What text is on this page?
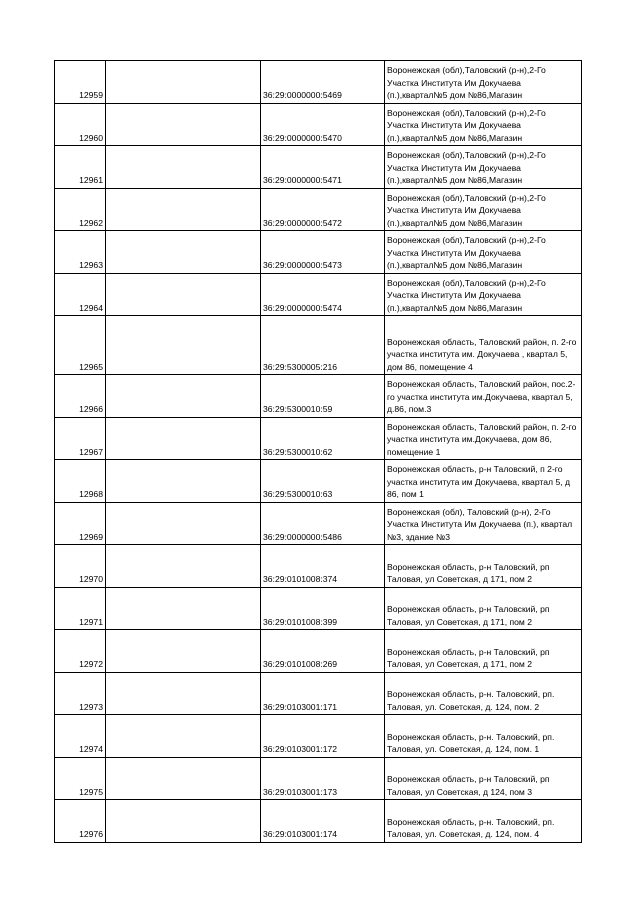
12959		36:29:0000000:5469	Воронежская (обл),Таловский (р-н),2-Го Участка Института Им Докучаева (п.),квартал№5 дом №86,Магазин
12960		36:29:0000000:5470	Воронежская (обл),Таловский (р-н),2-Го Участка Института Им Докучаева (п.),квартал№5 дом №86,Магазин
12961		36:29:0000000:5471	Воронежская (обл),Таловский (р-н),2-Го Участка Института Им Докучаева (п.),квартал№5 дом №86,Магазин
12962		36:29:0000000:5472	Воронежская (обл),Таловский (р-н),2-Го Участка Института Им Докучаева (п.),квартал№5 дом №86,Магазин
12963		36:29:0000000:5473	Воронежская (обл),Таловский (р-н),2-Го Участка Института Им Докучаева (п.),квартал№5 дом №86,Магазин
12964		36:29:0000000:5474	Воронежская (обл),Таловский (р-н),2-Го Участка Института Им Докучаева (п.),квартал№5 дом №86,Магазин
12965		36:29:5300005:216	Воронежская область, Таловский район, п. 2-го участка института им. Докучаева , квартал 5, дом 86, помещение 4
12966		36:29:5300010:59	Воронежская область, Таловский район, пос.2-го участка института им.Докучаева, квартал 5, д.86, пом.3
12967		36:29:5300010:62	Воронежская область, Таловский район, п. 2-го участка института им.Докучаева, дом 86, помещение 1
12968		36:29:5300010:63	Воронежская область, р-н Таловский, п 2-го участка института им Докучаева, квартал 5, д 86, пом 1
12969		36:29:0000000:5486	Воронежская (обл), Таловский (р-н), 2-Го Участка Института Им Докучаева (п.), квартал №3, здание №3
12970		36:29:0101008:374	Воронежская область, р-н Таловский, рп Таловая, ул Советская, д 171, пом 2
12971		36:29:0101008:399	Воронежская область, р-н Таловский, рп Таловая, ул Советская, д 171, пом 2
12972		36:29:0101008:269	Воронежская область, р-н Таловский, рп Таловая, ул Советская, д 171, пом 2
12973		36:29:0103001:171	Воронежская область, р-н. Таловский, рп. Таловая, ул. Советская, д. 124, пом. 2
12974		36:29:0103001:172	Воронежская область, р-н. Таловский, рп. Таловая, ул. Советская, д. 124, пом. 1
12975		36:29:0103001:173	Воронежская область, р-н Таловский, рп Таловая, ул Советская, д 124, пом 3
12976		36:29:0103001:174	Воронежская область, р-н. Таловский, рп. Таловая, ул. Советская, д. 124, пом. 4
